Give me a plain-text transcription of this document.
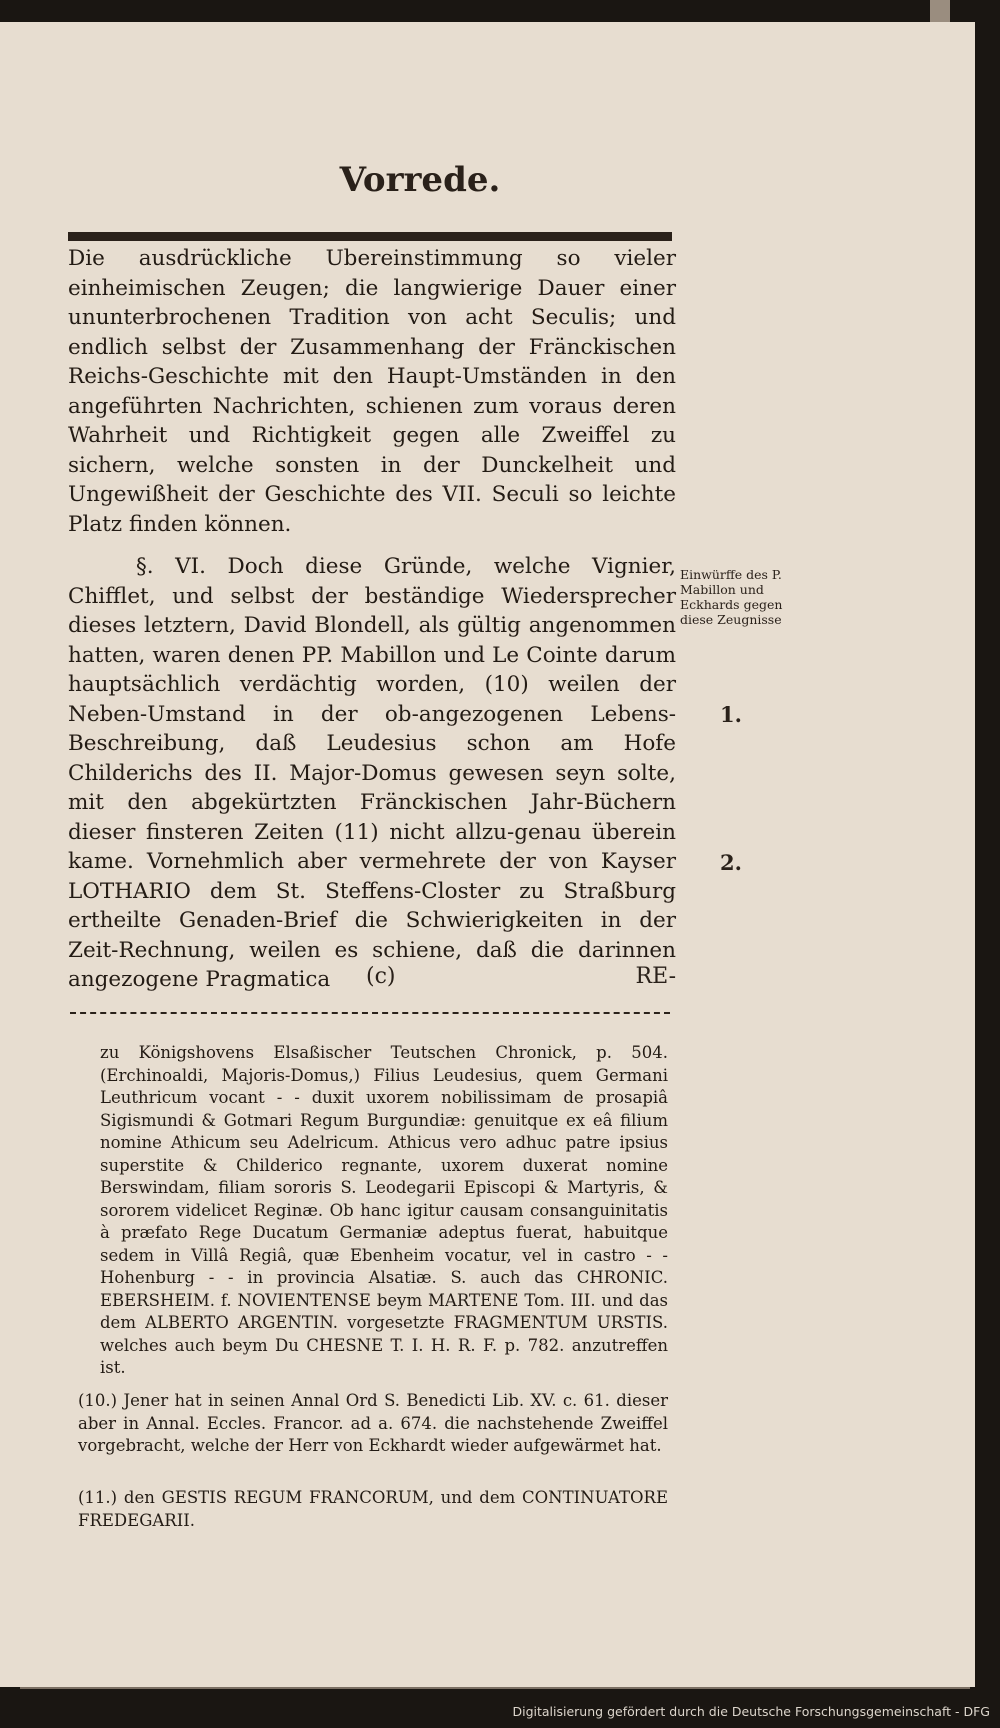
Vorrede.

Die ausdrückliche Ubereinstimmung so vieler einheimischen Zeugen; die langwierige Dauer einer ununterbrochenen Tradition von acht Seculis; und endlich selbst der Zusammenhang der Fränckischen Reichs-Geschichte mit den Haupt-Umständen in den angeführten Nachrichten, schienen zum voraus deren Wahrheit und Richtigkeit gegen alle Zweiffel zu sichern, welche sonsten in der Dunckelheit und Ungewißheit der Geschichte des VII. Seculi so leichte Platz finden können.

§. VI. Doch diese Gründe, welche Vignier, Chifflet, und selbst der beständige Wiedersprecher dieses letztern, David Blondell, als gültig angenommen hatten, waren denen PP. Mabillon und Le Cointe darum hauptsächlich verdächtig worden, (10) weilen der Neben-Umstand in der ob-angezogenen Lebens-Beschreibung, daß Leudesius schon am Hofe Childerichs des II. Major-Domus gewesen seyn solte, mit den abgekürtzten Fränckischen Jahr-Büchern dieser finsteren Zeiten (11) nicht allzu-genau überein kame. Vornehmlich aber vermehrete der von Kayser LOTHARIO dem St. Steffens-Closter zu Straßburg ertheilte Genaden-Brief die Schwierigkeiten in der Zeit-Rechnung, weilen es schiene, daß die darinnen angezogene Pragmatica

Einwürffe des P. Mabillon und Eckhards gegen diese Zeugnisse
1.
2.
(c)	RE-
zu Königshovens Elsaßischer Teutschen Chronick, p. 504. (Erchinoaldi, Majoris-Domus,) Filius Leudesius, quem Germani Leuthricum vocant - - duxit uxorem nobilissimam de prosapiâ Sigismundi & Gotmari Regum Burgundiæ: genuitque ex eâ filium nomine Athicum seu Adelricum. Athicus vero adhuc patre ipsius superstite & Childerico regnante, uxorem duxerat nomine Berswindam, filiam sororis S. Leodegarii Episcopi & Martyris, & sororem videlicet Reginæ. Ob hanc igitur causam consanguinitatis à præfato Rege Ducatum Germaniæ adeptus fuerat, habuitque sedem in Villâ Regiâ, quæ Ebenheim vocatur, vel in castro - - Hohenburg - - in provincia Alsatiæ. S. auch das CHRONIC. EBERSHEIM. f. NOVIENTENSE beym MARTENE Tom. III. und das dem ALBERTO ARGENTIN. vorgesetzte FRAGMENTUM URSTIS. welches auch beym Du CHESNE T. I. H. R. F. p. 782. anzutreffen ist.
(10.) Jener hat in seinen Annal Ord S. Benedicti Lib. XV. c. 61. dieser aber in Annal. Eccles. Francor. ad a. 674. die nachstehende Zweiffel vorgebracht, welche der Herr von Eckhardt wieder aufgewärmet hat.
(11.) den GESTIS REGUM FRANCORUM, und dem CONTINUATORE FREDEGARII.
Digitalisierung gefördert durch die Deutsche Forschungsgemeinschaft - DFG
